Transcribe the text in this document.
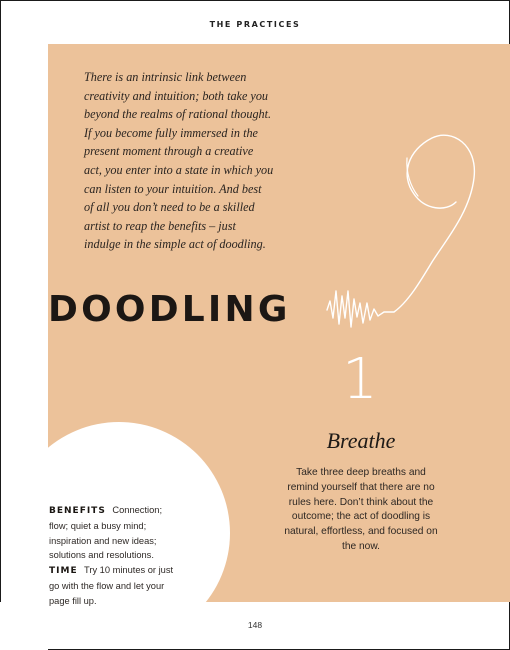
THE PRACTICES
There is an intrinsic link between creativity and intuition; both take you beyond the realms of rational thought. If you become fully immersed in the present moment through a creative act, you enter into a state in which you can listen to your intuition. And best of all you don’t need to be a skilled artist to reap the benefits – just indulge in the simple act of doodling.
DOODLING
1
Breathe
Take three deep breaths and remind yourself that there are no rules here. Don’t think about the outcome; the act of doodling is natural, effortless, and focused on the now.
BENEFITS Connection; flow; quiet a busy mind; inspiration and new ideas; solutions and resolutions.
TIME Try 10 minutes or just go with the flow and let your page fill up.
148
